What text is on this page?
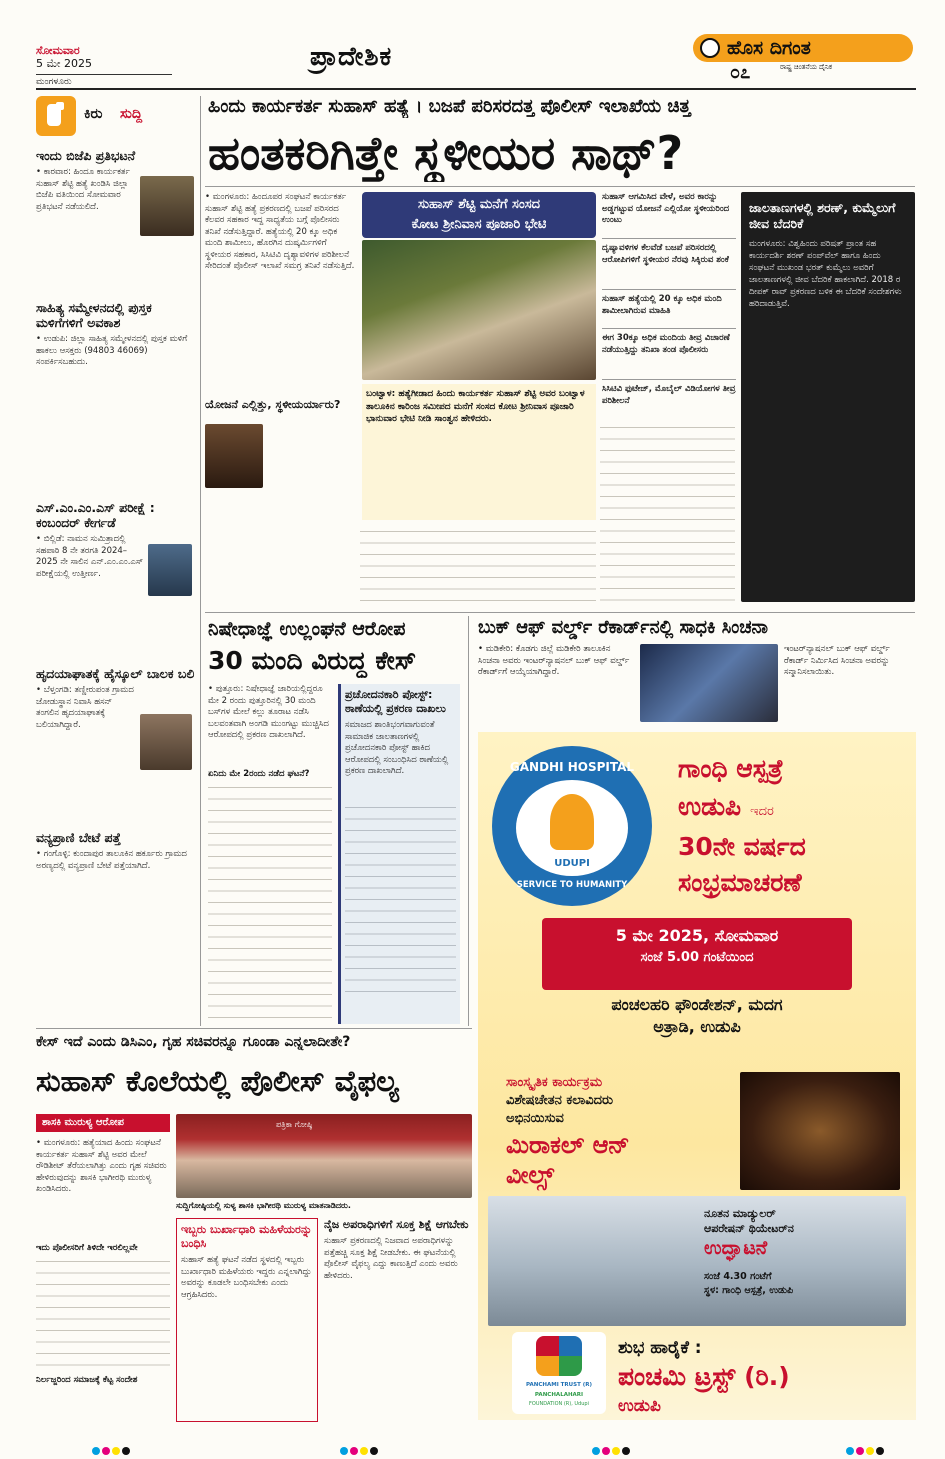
ಸೋಮವಾರ
5 ಮೇ 2025
ಮಂಗಳೂರು
ಪ್ರಾದೇಶಿಕ	ಹೊಸ ದಿಗಂತ
ರಾಷ್ಟ್ರ ಚಿಂತನೆಯ ದೈನಿಕ
೦೭
ಕಿರು ಸುದ್ದಿ
ಇಂದು ಬಿಜೆಪಿ ಪ್ರತಿಭಟನೆ
• ಕಾರವಾರ: ಹಿಂದೂ ಕಾರ್ಯಕರ್ತ ಸುಹಾಸ್ ಶೆಟ್ಟಿ ಹತ್ಯೆ ಖಂಡಿಸಿ ಜಿಲ್ಲಾ ಬಿಜೆಪಿ ವತಿಯಿಂದ ಸೋಮವಾರ ಪ್ರತಿಭಟನೆ ನಡೆಯಲಿದೆ.
ಸಾಹಿತ್ಯ ಸಮ್ಮೇಳನದಲ್ಲಿ ಪುಸ್ತಕ ಮಳಿಗೆಗಳಿಗೆ ಅವಕಾಶ
• ಉಡುಪಿ: ಜಿಲ್ಲಾ ಸಾಹಿತ್ಯ ಸಮ್ಮೇಳನದಲ್ಲಿ ಪುಸ್ತಕ ಮಳಿಗೆ ಹಾಕಲು ಆಸಕ್ತರು (94803 46069) ಸಂಪರ್ಕಿಸಬಹುದು.
ಎಸ್.ಎಂ.ಎಂ.ಎಸ್ ಪರೀಕ್ಷೆ : ಕಂಬಂದರ್ ಕೇರ್ಗಡೆ
• ಬಿಲ್ಲಿಡೆ: ನಾಮನ ಸುಮಿತ್ರಾದಲ್ಲಿ ಸಹಪಾಠಿ 8 ನೇ ತರಗತಿ 2024–2025 ನೇ ಸಾಲಿನ ಎನ್.ಎಂ.ಎಂ.ಎಸ್ ಪರೀಕ್ಷೆಯಲ್ಲಿ ಉತ್ತೀರ್ಣ.
ಹೃದಯಾಘಾತಕ್ಕೆ ಹೈಸ್ಕೂಲ್ ಬಾಲಕ ಬಲಿ
• ಬೆಳ್ತಂಗಡಿ: ತಣ್ಣೀರುಪಂತ ಗ್ರಾಮದ ಜೋಡುಸ್ಥಾನ ನಿವಾಸಿ ಹಸನ್ ತಂಗಲಿನ ಹೃದಯಾಘಾತಕ್ಕೆ ಬಲಿಯಾಗಿದ್ದಾರೆ.
ವನ್ಯಪ್ರಾಣಿ ಬೇಟೆ ಪತ್ತೆ
• ಗಂಗೊಳ್ಳಿ: ಕುಂದಾಪುರ ತಾಲೂಕಿನ ಹರ್ಕೂರು ಗ್ರಾಮದ ಅರಣ್ಯದಲ್ಲಿ ವನ್ಯಪ್ರಾಣಿ ಬೇಟೆ ಪತ್ತೆಯಾಗಿದೆ.
ಹಿಂದು ಕಾರ್ಯಕರ್ತ ಸುಹಾಸ್ ಹತ್ಯೆ । ಬಜಪೆ ಪರಿಸರದತ್ತ ಪೊಲೀಸ್ ಇಲಾಖೆಯ ಚಿತ್ತ
ಹಂತಕರಿಗಿತ್ತೇ ಸ್ಥಳೀಯರ ಸಾಥ್?
• ಮಂಗಳೂರು: ಹಿಂದೂಪರ ಸಂಘಟನೆ ಕಾರ್ಯಕರ್ತ ಸುಹಾಸ್ ಶೆಟ್ಟಿ ಹತ್ಯೆ ಪ್ರಕರಣದಲ್ಲಿ ಬಜಪೆ ಪರಿಸರದ ಕೆಲವರ ಸಹಕಾರ ಇದ್ದ ಸಾಧ್ಯತೆಯ ಬಗ್ಗೆ ಪೊಲೀಸರು ತನಿಖೆ ನಡೆಸುತ್ತಿದ್ದಾರೆ. ಹತ್ಯೆಯಲ್ಲಿ 20 ಕ್ಕೂ ಅಧಿಕ ಮಂದಿ ಶಾಮೀಲು, ಹೊರಗಿನ ದುಷ್ಕರ್ಮಿಗಳಿಗೆ ಸ್ಥಳೀಯರ ಸಹಕಾರ, ಸಿಸಿಟಿವಿ ದೃಶ್ಯಾವಳಿಗಳ ಪರಿಶೀಲನೆ ಸೇರಿದಂತೆ ಪೊಲೀಸ್ ಇಲಾಖೆ ಸಮಗ್ರ ತನಿಖೆ ನಡೆಸುತ್ತಿದೆ.
ಯೋಜನೆ ಎಲ್ಲಿತ್ತು, ಸ್ಥಳೀಯರ್ಯಾರು?
ಸುಹಾಸ್ ಶೆಟ್ಟಿ ಮನೆಗೆ ಸಂಸದ
ಕೋಟ ಶ್ರೀನಿವಾಸ ಪೂಜಾರಿ ಭೇಟಿ
ಬಂಟ್ವಾಳ: ಹತ್ಯೆಗೀಡಾದ ಹಿಂದು ಕಾರ್ಯಕರ್ತ ಸುಹಾಸ್ ಶೆಟ್ಟಿ ಅವರ ಬಂಟ್ವಾಳ ತಾಲೂಕಿನ ಕಾರಿಂಜ ಸಮೀಪದ ಮನೆಗೆ ಸಂಸದ ಕೋಟ ಶ್ರೀನಿವಾಸ ಪೂಜಾರಿ ಭಾನುವಾರ ಭೇಟಿ ನೀಡಿ ಸಾಂತ್ವನ ಹೇಳಿದರು.
ಸುಹಾಸ್ ಆಗಮಿಸಿದ ವೇಳೆ, ಅವರ ಕಾರನ್ನು ಅಡ್ಡಗಟ್ಟುವ ಯೋಜನೆ ಎಲ್ಲಿಯೋ ಸ್ಥಳೀಯರಿಂದ ಉಂಟು
ದೃಷ್ಯಾವಳಿಗಳ ಕೆಲವೆಡೆ ಬಜಪೆ ಪರಿಸರದಲ್ಲಿ ಆರೋಪಿಗಳಿಗೆ ಸ್ಥಳೀಯರ ನೆರವು ಸಿಕ್ಕಿರುವ ಶಂಕೆ
ಸುಹಾಸ್ ಹತ್ಯೆಯಲ್ಲಿ 20 ಕ್ಕೂ ಅಧಿಕ ಮಂದಿ ಶಾಮೀಲಾಗಿರುವ ಮಾಹಿತಿ
ಈಗ 30ಕ್ಕೂ ಅಧಿಕ ಮಂದಿಯ ತೀವ್ರ ವಿಚಾರಣೆ ನಡೆಯುತ್ತಿದ್ದು ತನಿಖಾ ತಂಡ ಪೊಲೀಸರು
ಸಿಸಿಟಿವಿ ಫುಟೇಜ್, ಮೊಬೈಲ್ ವಿಡಿಯೋಗಳ ತೀವ್ರ ಪರಿಶೀಲನೆ
ಜಾಲತಾಣಗಳಲ್ಲಿ ಶರಣ್, ಕುಮ್ಮೆಲುಗೆ ಜೀವ ಬೆದರಿಕೆ
ಮಂಗಳೂರು: ವಿಶ್ವಹಿಂದು ಪರಿಷತ್ ಪ್ರಾಂತ ಸಹ ಕಾರ್ಯದರ್ಶಿ ಶರಣ್ ಪಂಪ್‌ವೆಲ್ ಹಾಗೂ ಹಿಂದು ಸಂಘಟನೆ ಮುಖಂಡ ಭರತ್ ಕುಮ್ಮೆಲು ಅವರಿಗೆ ಜಾಲತಾಣಗಳಲ್ಲಿ ಜೀವ ಬೆದರಿಕೆ ಹಾಕಲಾಗಿದೆ. 2018 ರ ದೀಪಕ್ ರಾವ್ ಪ್ರಕರಣದ ಬಳಿಕ ಈ ಬೆದರಿಕೆ ಸಂದೇಶಗಳು ಹರಿದಾಡುತ್ತಿವೆ.
ನಿಷೇಧಾಜ್ಞೆ ಉಲ್ಲಂಘನೆ ಆರೋಪ
30 ಮಂದಿ ವಿರುದ್ಧ ಕೇಸ್
• ಪುತ್ತೂರು: ನಿಷೇಧಾಜ್ಞೆ ಜಾರಿಯಲ್ಲಿದ್ದರೂ ಮೇ 2 ರಂದು ಪುತ್ತೂರಿನಲ್ಲಿ 30 ಮಂದಿ ಬಸ್‌ಗಳ ಮೇಲೆ ಕಲ್ಲು ತೂರಾಟ ನಡೆಸಿ ಬಲವಂತವಾಗಿ ಅಂಗಡಿ ಮುಂಗಟ್ಟು ಮುಚ್ಚಿಸಿದ ಆರೋಪದಲ್ಲಿ ಪ್ರಕರಣ ದಾಖಲಾಗಿದೆ.
ಏನಿದು ಮೇ 2ರಂದು ನಡೆದ ಘಟನೆ?
ಪ್ರಚೋದನಕಾರಿ ಪೋಸ್ಟ್: ಠಾಣೆಯಲ್ಲಿ ಪ್ರಕರಣ ದಾಖಲು
ಸಮಾಜದ ಶಾಂತಿಭಂಗವಾಗುವಂತೆ ಸಾಮಾಜಿಕ ಜಾಲತಾಣಗಳಲ್ಲಿ ಪ್ರಚೋದನಕಾರಿ ಪೋಸ್ಟ್ ಹಾಕಿದ ಆರೋಪದಲ್ಲಿ ಸಂಬಂಧಿಸಿದ ಠಾಣೆಯಲ್ಲಿ ಪ್ರಕರಣ ದಾಖಲಾಗಿದೆ.
ಬುಕ್ ಆಫ್ ವರ್ಲ್ಡ್ ರೆಕಾರ್ಡ್‌ನಲ್ಲಿ ಸಾಧಕಿ ಸಿಂಚನಾ
• ಮಡಿಕೇರಿ: ಕೊಡಗು ಜಿಲ್ಲೆ ಮಡಿಕೇರಿ ತಾಲೂಕಿನ ಸಿಂಚನಾ ಅವರು ಇಂಟರ್‌ನ್ಯಾಷನಲ್ ಬುಕ್ ಆಫ್ ವರ್ಲ್ಡ್ ರೆಕಾರ್ಡ್‌ಗೆ ಆಯ್ಕೆಯಾಗಿದ್ದಾರೆ.
ಇಂಟರ್‌ನ್ಯಾಷನಲ್ ಬುಕ್ ಆಫ್ ವರ್ಲ್ಡ್ ರೆಕಾರ್ಡ್ ನಿರ್ಮಿಸಿದ ಸಿಂಚನಾ ಅವರನ್ನು ಸನ್ಮಾನಿಸಲಾಯಿತು.
GANDHI HOSPITAL
UDUPI
SERVICE TO HUMANITY
ಗಾಂಧಿ ಆಸ್ಪತ್ರೆ
ಉಡುಪಿ ಇದರ
30ನೇ ವರ್ಷದ
ಸಂಭ್ರಮಾಚರಣೆ
5 ಮೇ 2025, ಸೋಮವಾರ
ಸಂಜೆ 5.00 ಗಂಟೆಯಿಂದ
ಪಂಚಲಹರಿ ಫೌಂಡೇಶನ್, ಮದಗ
ಅತ್ರಾಡಿ, ಉಡುಪಿ
ಸಾಂಸ್ಕೃತಿಕ ಕಾರ್ಯಕ್ರಮ
ವಿಶೇಷಚೇತನ ಕಲಾವಿದರು
ಅಭಿನಯಿಸುವ
ಮಿರಾಕಲ್ ಆನ್
ವೀಲ್ಸ್
ನೂತನ ಮಾಡ್ಯುಲರ್
ಆಪರೇಷನ್ ಥಿಯೇಟರ್‌ನ
ಉದ್ಘಾಟನೆ
ಸಂಜೆ 4.30 ಗಂಟೆಗೆ
ಸ್ಥಳ: ಗಾಂಧಿ ಆಸ್ಪತ್ರೆ, ಉಡುಪಿ
PANCHAMI TRUST (R)
PANCHALAHARI
FOUNDATION (R), Udupi
ಶುಭ ಹಾರೈಕೆ :
ಪಂಚಮಿ ಟ್ರಸ್ಟ್ (ರಿ.)
ಉಡುಪಿ
ಕೇಸ್ ಇದೆ ಎಂದು ಡಿಸಿಎಂ, ಗೃಹ ಸಚಿವರನ್ನೂ ಗೂಂಡಾ ಎನ್ನಲಾದೀತೇ?
ಸುಹಾಸ್ ಕೊಲೆಯಲ್ಲಿ ಪೊಲೀಸ್ ವೈಫಲ್ಯ
ಶಾಸಕಿ ಮುರುಳ್ಯ ಆರೋಪ
• ಮಂಗಳೂರು: ಹತ್ಯೆಯಾದ ಹಿಂದು ಸಂಘಟನೆ ಕಾರ್ಯಕರ್ತ ಸುಹಾಸ್ ಶೆಟ್ಟಿ ಅವರ ಮೇಲೆ ರೌಡಿಶೀಟ್ ತೆರೆಯಲಾಗಿತ್ತು ಎಂದು ಗೃಹ ಸಚಿವರು ಹೇಳಿರುವುದನ್ನು ಶಾಸಕಿ ಭಾಗೀರಥಿ ಮುರುಳ್ಯ ಖಂಡಿಸಿದರು.
ಇದು ಪೊಲೀಸರಿಗೆ ತಿಳಿದೇ ಇರಲಿಲ್ಲವೇ
ನಿರ್ಲಜ್ಜರಿಂದ ಸಮಾಜಕ್ಕೆ ಕೆಟ್ಟ ಸಂದೇಶ
ಪತ್ರಿಕಾ ಗೋಷ್ಠಿ
ಸುದ್ದಿಗೋಷ್ಠಿಯಲ್ಲಿ ಸುಳ್ಯ ಶಾಸಕಿ ಭಾಗೀರಥಿ ಮುರುಳ್ಯ ಮಾತನಾಡಿದರು.
ಇಬ್ಬರು ಬುರ್ಖಾಧಾರಿ ಮಹಿಳೆಯರನ್ನು ಬಂಧಿಸಿ
ಸುಹಾಸ್ ಹತ್ಯೆ ಘಟನೆ ನಡೆದ ಸ್ಥಳದಲ್ಲಿ ಇಬ್ಬರು ಬುರ್ಖಾಧಾರಿ ಮಹಿಳೆಯರು ಇದ್ದರು ಎನ್ನಲಾಗಿದ್ದು ಅವರನ್ನು ಕೂಡಲೇ ಬಂಧಿಸಬೇಕು ಎಂದು ಆಗ್ರಹಿಸಿದರು.
ನೈಜ ಅಪರಾಧಿಗಳಿಗೆ ಸೂಕ್ತ ಶಿಕ್ಷೆ ಆಗಬೇಕು
ಸುಹಾಸ್ ಪ್ರಕರಣದಲ್ಲಿ ನಿಜವಾದ ಅಪರಾಧಿಗಳನ್ನು ಪತ್ತೆಹಚ್ಚಿ ಸೂಕ್ತ ಶಿಕ್ಷೆ ನೀಡಬೇಕು. ಈ ಘಟನೆಯಲ್ಲಿ ಪೊಲೀಸ್ ವೈಫಲ್ಯ ಎದ್ದು ಕಾಣುತ್ತಿದೆ ಎಂದು ಅವರು ಹೇಳಿದರು.
